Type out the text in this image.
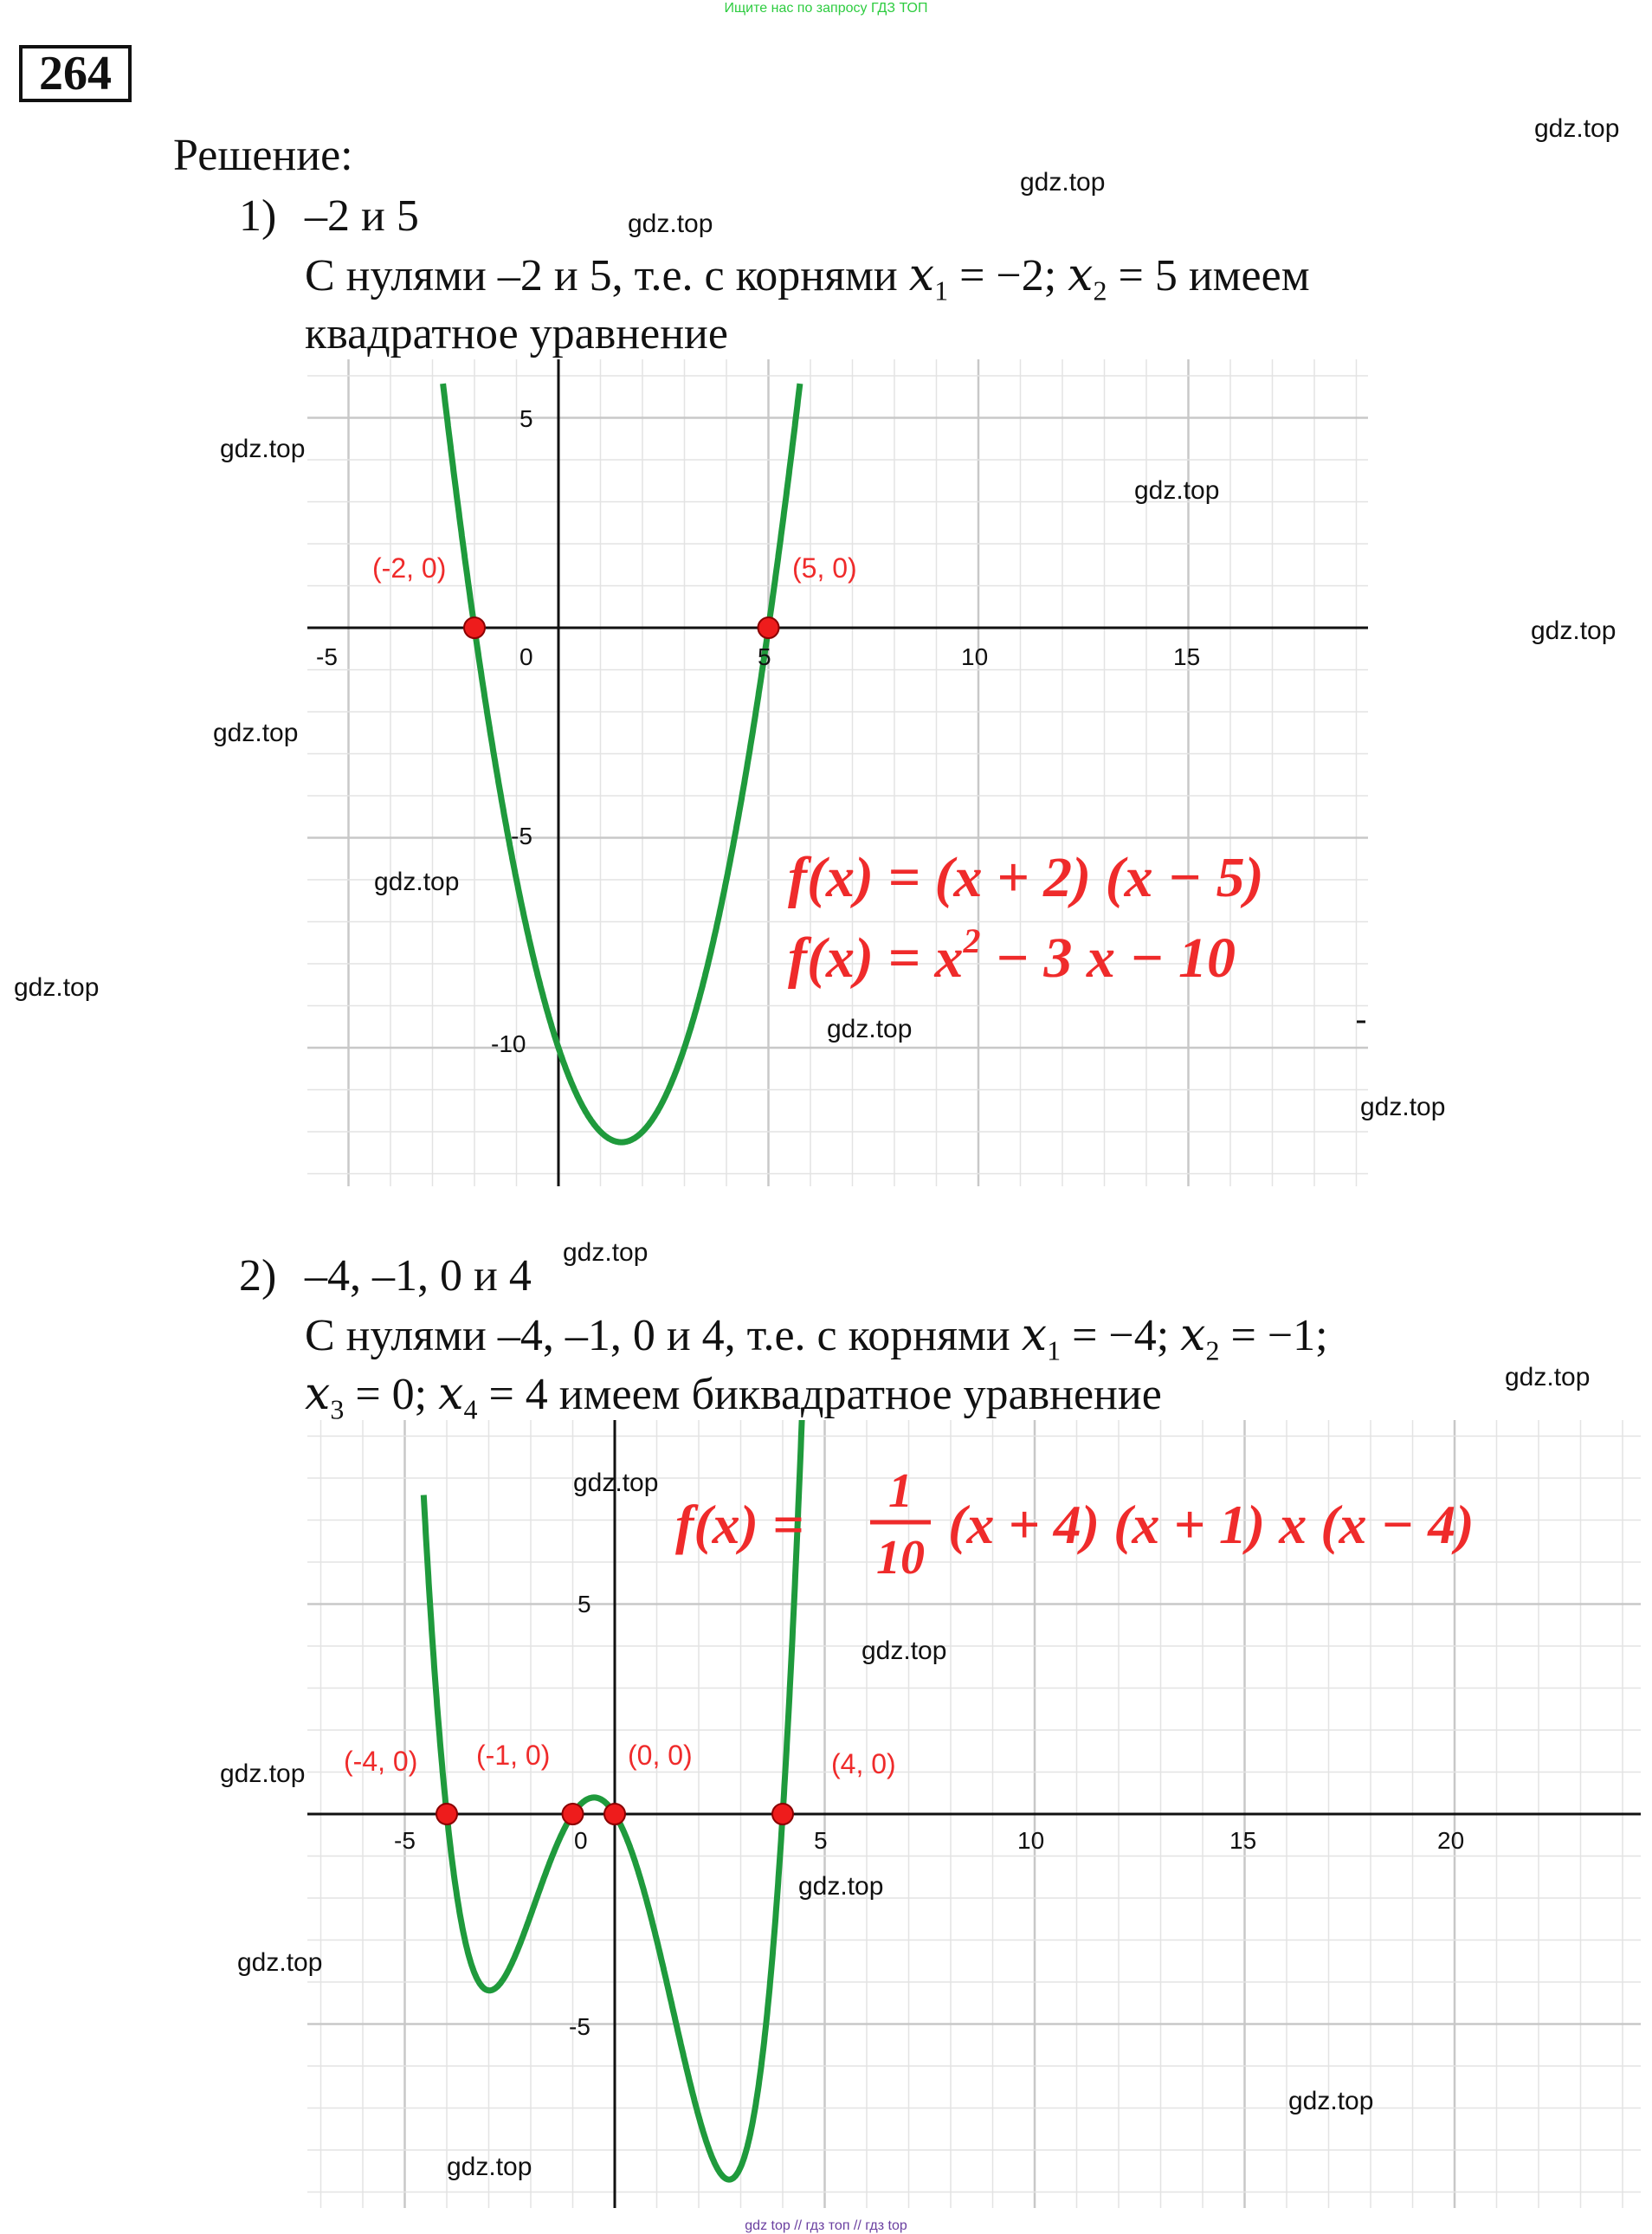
Ищите нас по запросу ГДЗ ТОП
264
Решение:
1) –2 и 5
С нулями –2 и 5, т.е. с корнями $x_1 = -2$; $x_2 = 5$ имеем
квадратное уравнение
-5	0	5	10	15
5
-5
-10
(-2, 0)	(5, 0)
f(x) = (x + 2) (x − 5)
$f(x) = x^2 - 3$ x − 10
2) –4, –1, 0 и 4
С нулями –4, –1, 0 и 4, т.е. с корнями $x_1 = -4$; $x_2 = -1$;
$x_3 = 0$; $x_4 = 4$ имеем биквадратное уравнение
-5	0	5	10	15	20
5
-5
(-4, 0) (-1, 0)	(0, 0)	(4, 0)
f(x) =
1
10
(x + 4) (x + 1) x (x − 4)
gdz.top
gdz.top
gdz.top
gdz.top
gdz.top
gdz.top
gdz.top
gdz.top
gdz.top
gdz.top
gdz.top
gdz.top
gdz.top
gdz.top
gdz.top
gdz.top
gdz.top
gdz.top
gdz.top
gdz.top
gdz top // гдз топ // гдз top
